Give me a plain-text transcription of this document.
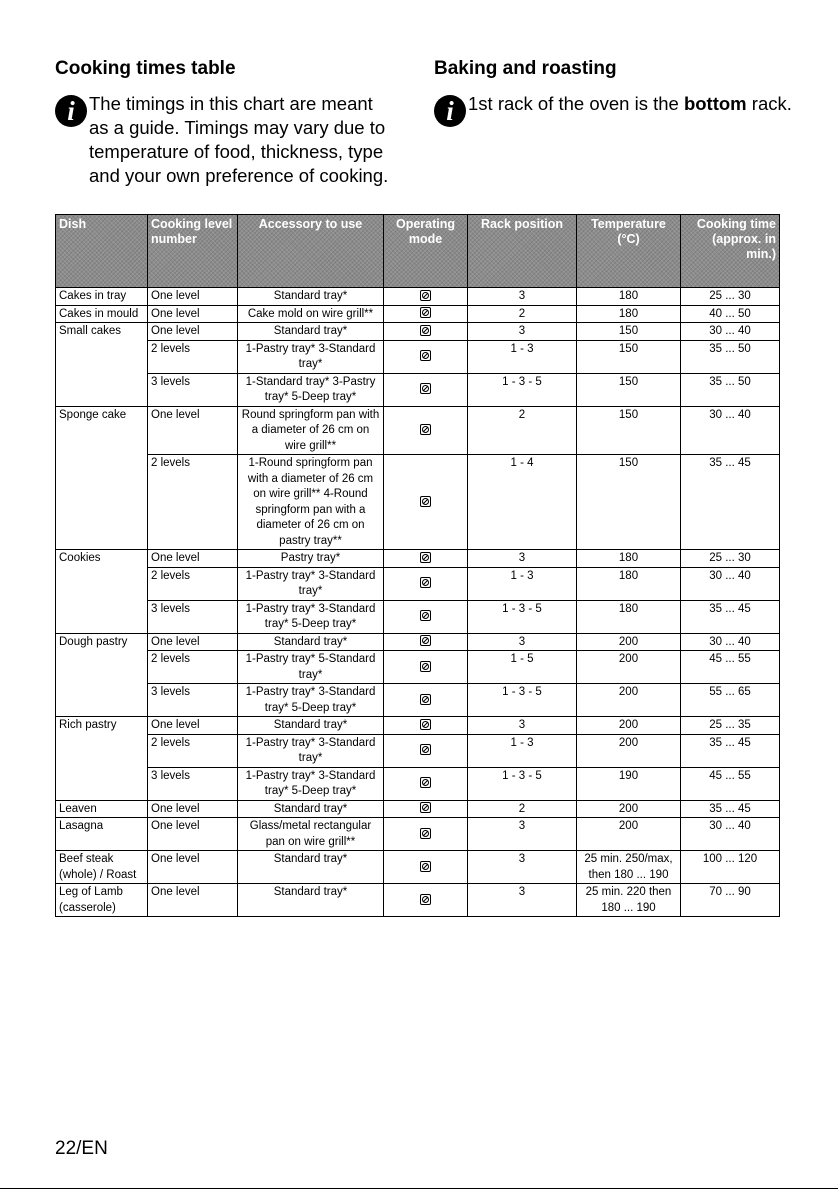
Cooking times table
i The timings in this chart are meant as a guide. Timings may vary due to temperature of food, thickness, type and your own preference of cooking.
Baking and roasting
i 1st rack of the oven is the bottom rack.
Dish	Cooking level number	Accessory to use	Operating mode	Rack position	Temperature (°C)	Cooking time (approx. in min.)
Cakes in tray	One level	Standard tray*		3	180	25 ... 30
Cakes in mould	One level	Cake mold on wire grill**		2	180	40 ... 50
Small cakes	One level	Standard tray*		3	150	30 ... 40
	2 levels	1-Pastry tray* 3-Standard tray*		1 - 3	150	35 ... 50
	3 levels	1-Standard tray* 3-Pastry tray* 5-Deep tray*		1 - 3 - 5	150	35 ... 50
Sponge cake	One level	Round springform pan with a diameter of 26 cm on wire grill**		2	150	30 ... 40
	2 levels	1-Round springform pan with a diameter of 26 cm on wire grill** 4-Round springform pan with a diameter of 26 cm on pastry tray**		1 - 4	150	35 ... 45
Cookies	One level	Pastry tray*		3	180	25 ... 30
	2 levels	1-Pastry tray* 3-Standard tray*		1 - 3	180	30 ... 40
	3 levels	1-Pastry tray* 3-Standard tray* 5-Deep tray*		1 - 3 - 5	180	35 ... 45
Dough pastry	One level	Standard tray*		3	200	30 ... 40
	2 levels	1-Pastry tray* 5-Standard tray*		1 - 5	200	45 ... 55
	3 levels	1-Pastry tray* 3-Standard tray* 5-Deep tray*		1 - 3 - 5	200	55 ... 65
Rich pastry	One level	Standard tray*		3	200	25 ... 35
	2 levels	1-Pastry tray* 3-Standard tray*		1 - 3	200	35 ... 45
	3 levels	1-Pastry tray* 3-Standard tray* 5-Deep tray*		1 - 3 - 5	190	45 ... 55
Leaven	One level	Standard tray*		2	200	35 ... 45
Lasagna	One level	Glass/metal rectangular pan on wire grill**		3	200	30 ... 40
Beef steak (whole) / Roast	One level	Standard tray*		3	25 min. 250/max, then 180 ... 190	100 ... 120
Leg of Lamb (casserole)	One level	Standard tray*		3	25 min. 220 then 180 ... 190	70 ... 90
22/EN
